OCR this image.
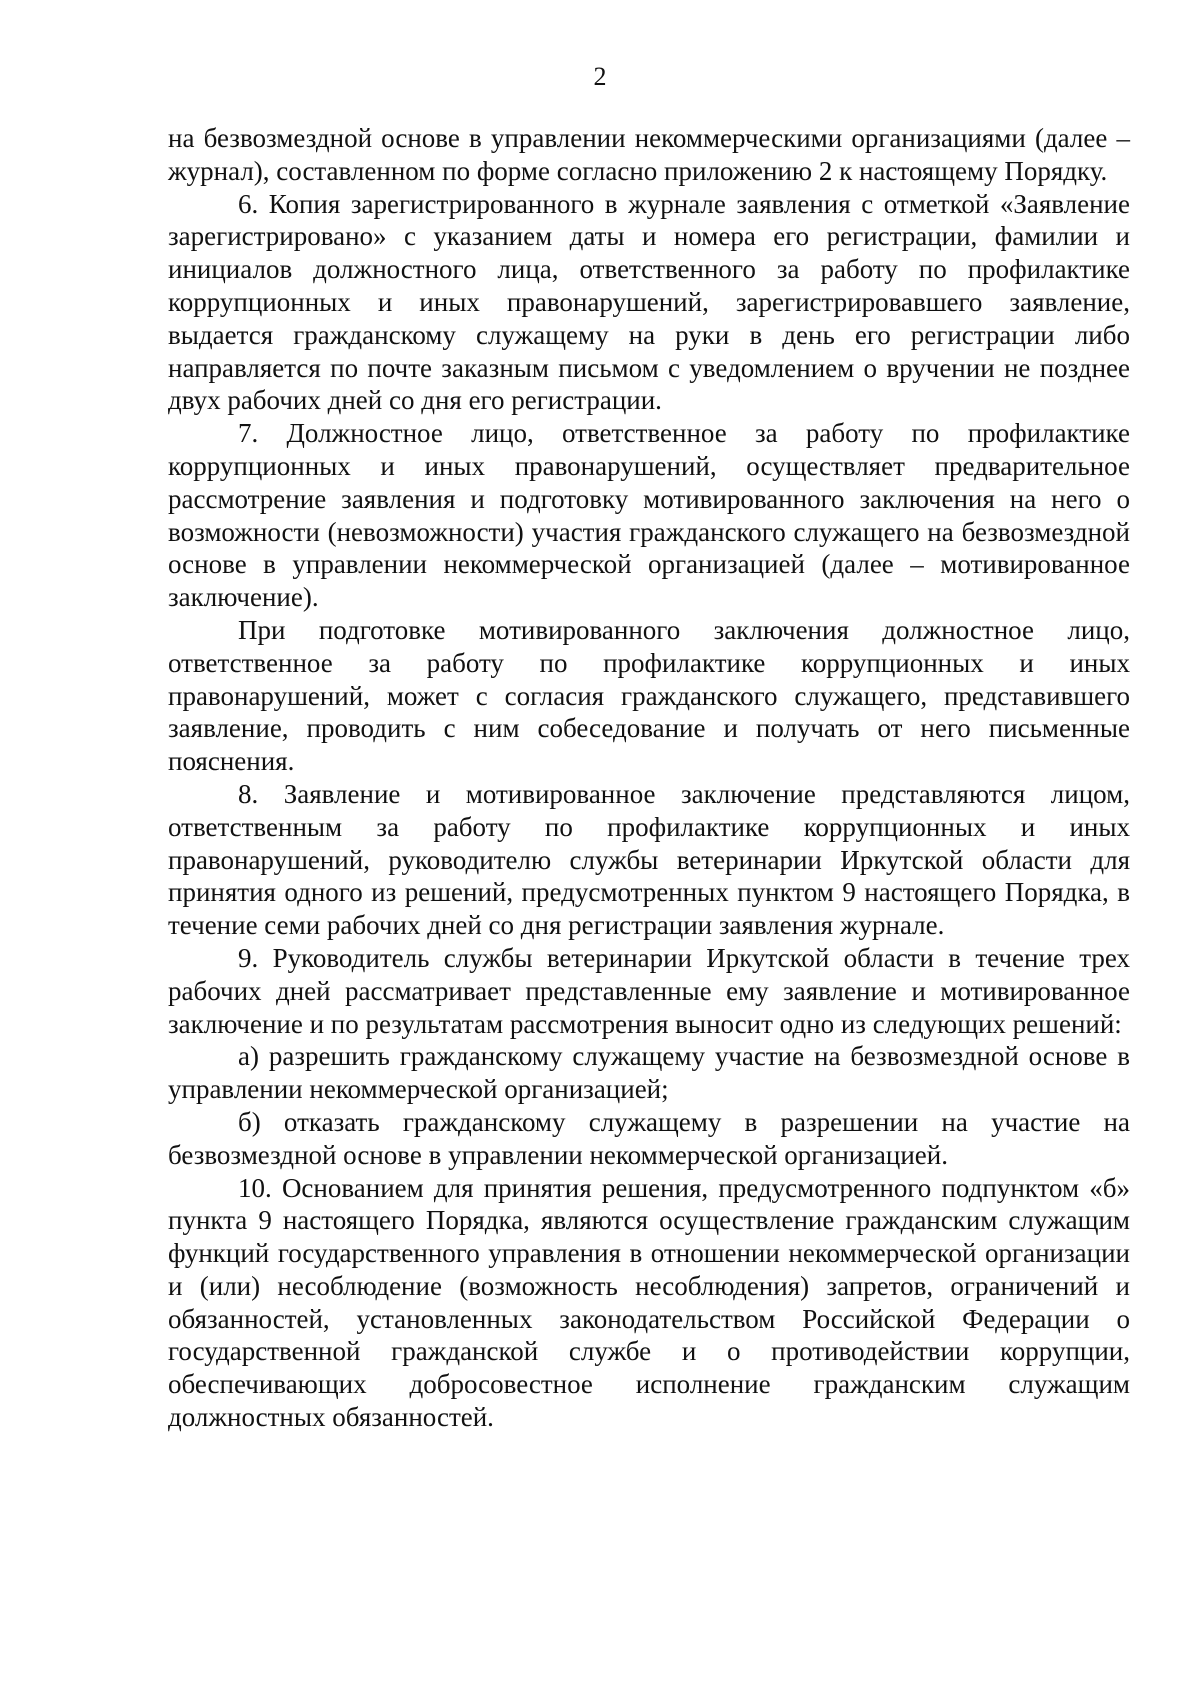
2

на безвозмездной основе в управлении некоммерческими организациями (далее – журнал), составленном по форме согласно приложению 2 к настоящему Порядку.

6. Копия зарегистрированного в журнале заявления с отметкой «Заявление зарегистрировано» с указанием даты и номера его регистрации, фамилии и инициалов должностного лица, ответственного за работу по профилактике коррупционных и иных правонарушений, зарегистрировавшего заявление, выдается гражданскому служащему на руки в день его регистрации либо направляется по почте заказным письмом с уведомлением о вручении не позднее двух рабочих дней со дня его регистрации.

7. Должностное лицо, ответственное за работу по профилактике коррупционных и иных правонарушений, осуществляет предварительное рассмотрение заявления и подготовку мотивированного заключения на него о возможности (невозможности) участия гражданского служащего на безвозмездной основе в управлении некоммерческой организацией (далее – мотивированное заключение).

При подготовке мотивированного заключения должностное лицо, ответственное за работу по профилактике коррупционных и иных правонарушений, может с согласия гражданского служащего, представившего заявление, проводить с ним собеседование и получать от него письменные пояснения.

8. Заявление и мотивированное заключение представляются лицом, ответственным за работу по профилактике коррупционных и иных правонарушений, руководителю службы ветеринарии Иркутской области для принятия одного из решений, предусмотренных пунктом 9 настоящего Порядка, в течение семи рабочих дней со дня регистрации заявления журнале.

9. Руководитель службы ветеринарии Иркутской области в течение трех рабочих дней рассматривает представленные ему заявление и мотивированное заключение и по результатам рассмотрения выносит одно из следующих решений:

а) разрешить гражданскому служащему участие на безвозмездной основе в управлении некоммерческой организацией;

б) отказать гражданскому служащему в разрешении на участие на безвозмездной основе в управлении некоммерческой организацией.

10. Основанием для принятия решения, предусмотренного подпунктом «б» пункта 9 настоящего Порядка, являются осуществление гражданским служащим функций государственного управления в отношении некоммерческой организации и (или) несоблюдение (возможность несоблюдения) запретов, ограничений и обязанностей, установленных законодательством Российской Федерации о государственной гражданской службе и о противодействии коррупции, обеспечивающих добросовестное исполнение гражданским служащим должностных обязанностей.
